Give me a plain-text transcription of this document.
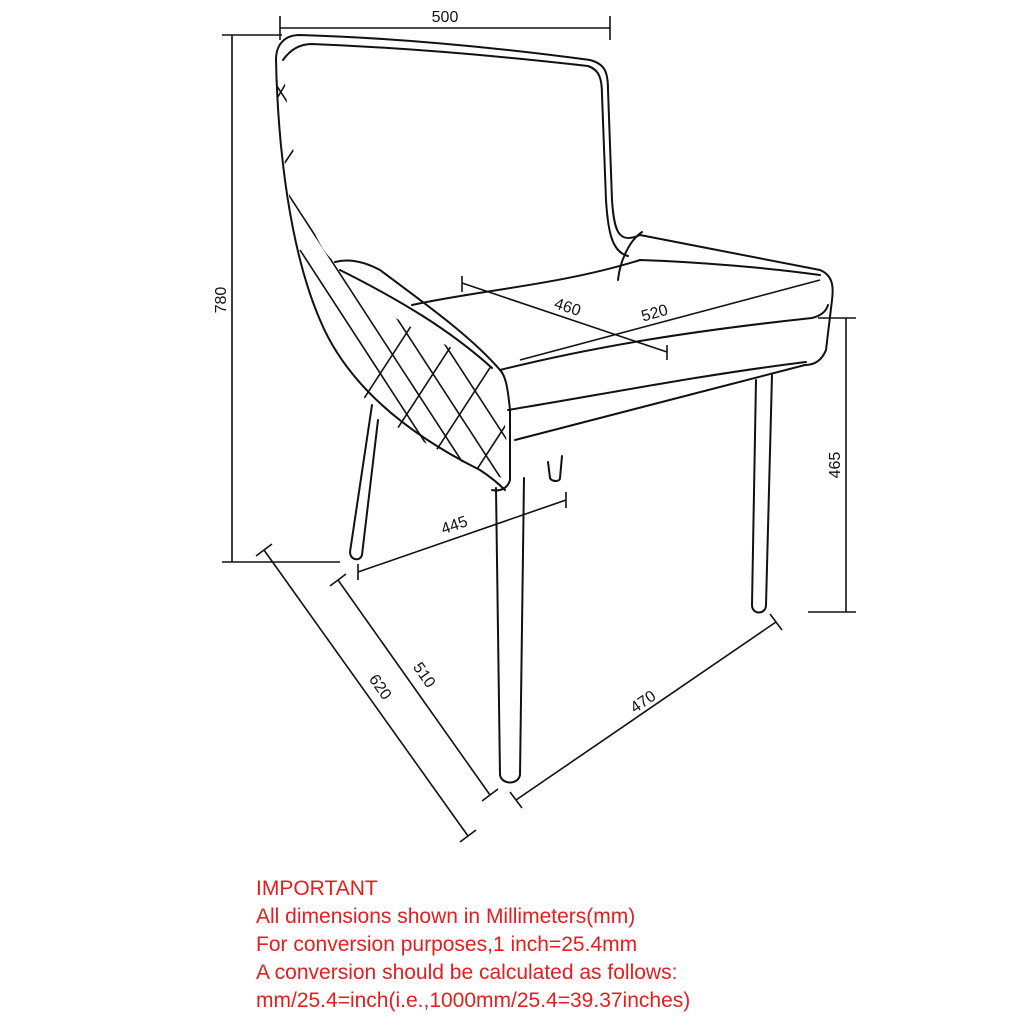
500
780	460	520
465
445
620 510
470
IMPORTANT
All dimensions shown in Millimeters(mm)
For conversion purposes,1 inch=25.4mm
A conversion should be calculated as follows:
mm/25.4=inch(i.e.,1000mm/25.4=39.37inches)
